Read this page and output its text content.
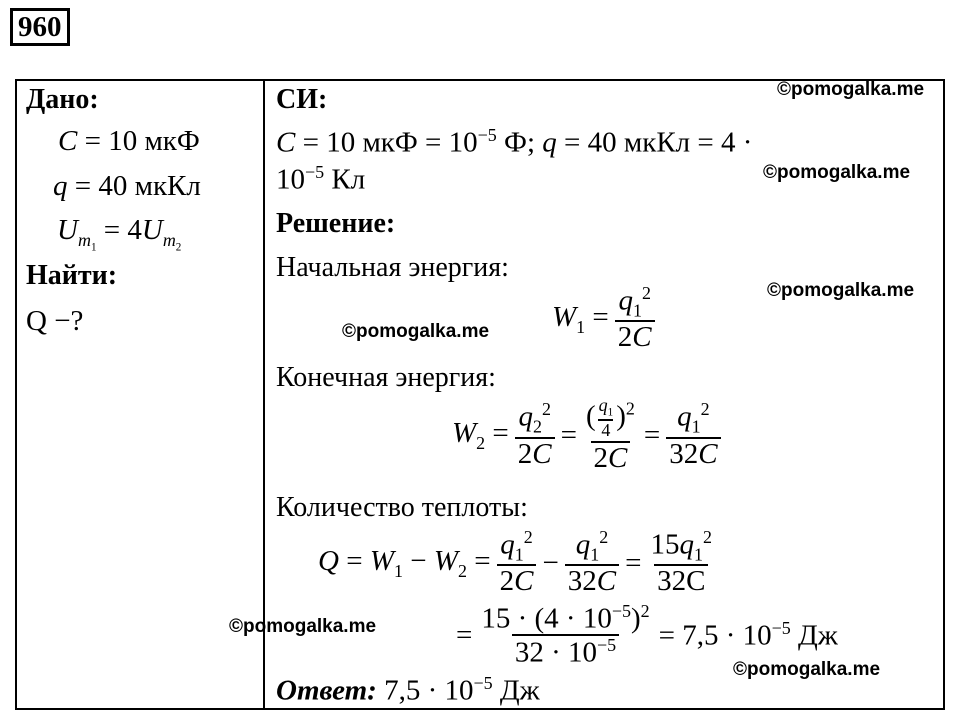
960
Дано:
C = 10 мкФ
q = 40 мкКл
$U_{m_1} = 4U_{m_2}$
Найти:
Q −?
СИ:
C = 10 мкФ = $10^{-5}$ Ф; q = 40 мкКл = 4 ·
$10^{-5}$ Кл
Решение:
Начальная энергия:
$W_1 = \frac{q_1^2}{2C}$
Конечная энергия:
$W_2 = \frac{q_2^2}{2C} = \frac{( \frac{q_1}{4} )^2}{2C} = \frac{q_1^2}{32C}$
Количество теплоты:
$Q = W_1 - W_2 = \frac{q_1^2}{2C} - \frac{q_1^2}{32C} = \frac{15q_1^2}{32C}$
= $\frac{15 \cdot (4 \cdot 10^{-5})^2}{32 \cdot 10^{-5}} = 7,5 \cdot 10^{-5}$ Дж
Ответ: $7,5 \cdot 10^{-5}$ Дж
©pomogalka.me
©pomogalka.me
©pomogalka.me
©pomogalka.me
©pomogalka.me
©pomogalka.me
